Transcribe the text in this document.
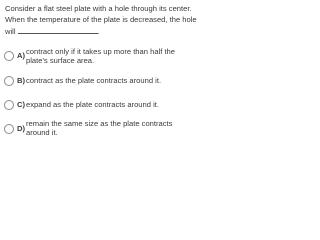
Consider a flat steel plate with a hole through its center. When the temperature of the plate is decreased, the hole will	.

A) contract only if it takes up more than half the plate's surface area.
B) contract as the plate contracts around it.
C) expand as the plate contracts around it.
D)
remain the same size as the plate contracts around it.
